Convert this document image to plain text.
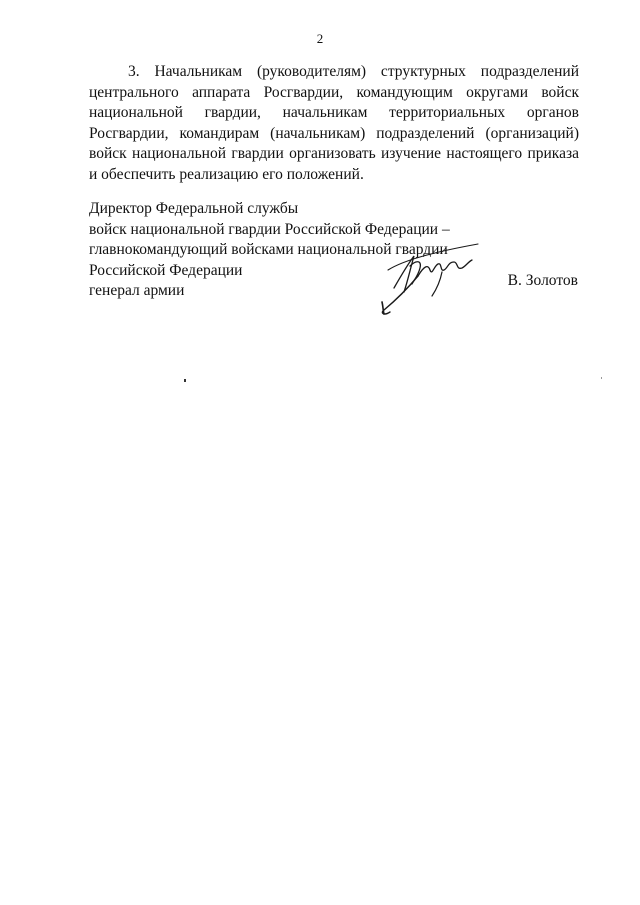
2
3. Начальникам (руководителям) структурных подразделений
центрального аппарата Росгвардии, командующим округами войск
национальной гвардии, начальникам территориальных органов
Росгвардии, командирам (начальникам) подразделений (организаций)
войск национальной гвардии организовать изучение настоящего приказа
и обеспечить реализацию его положений.
Директор Федеральной службы
войск национальной гвардии Российской Федерации –
главнокомандующий войсками национальной гвардии
Российской Федерации
генерал армии
В. Золотов
